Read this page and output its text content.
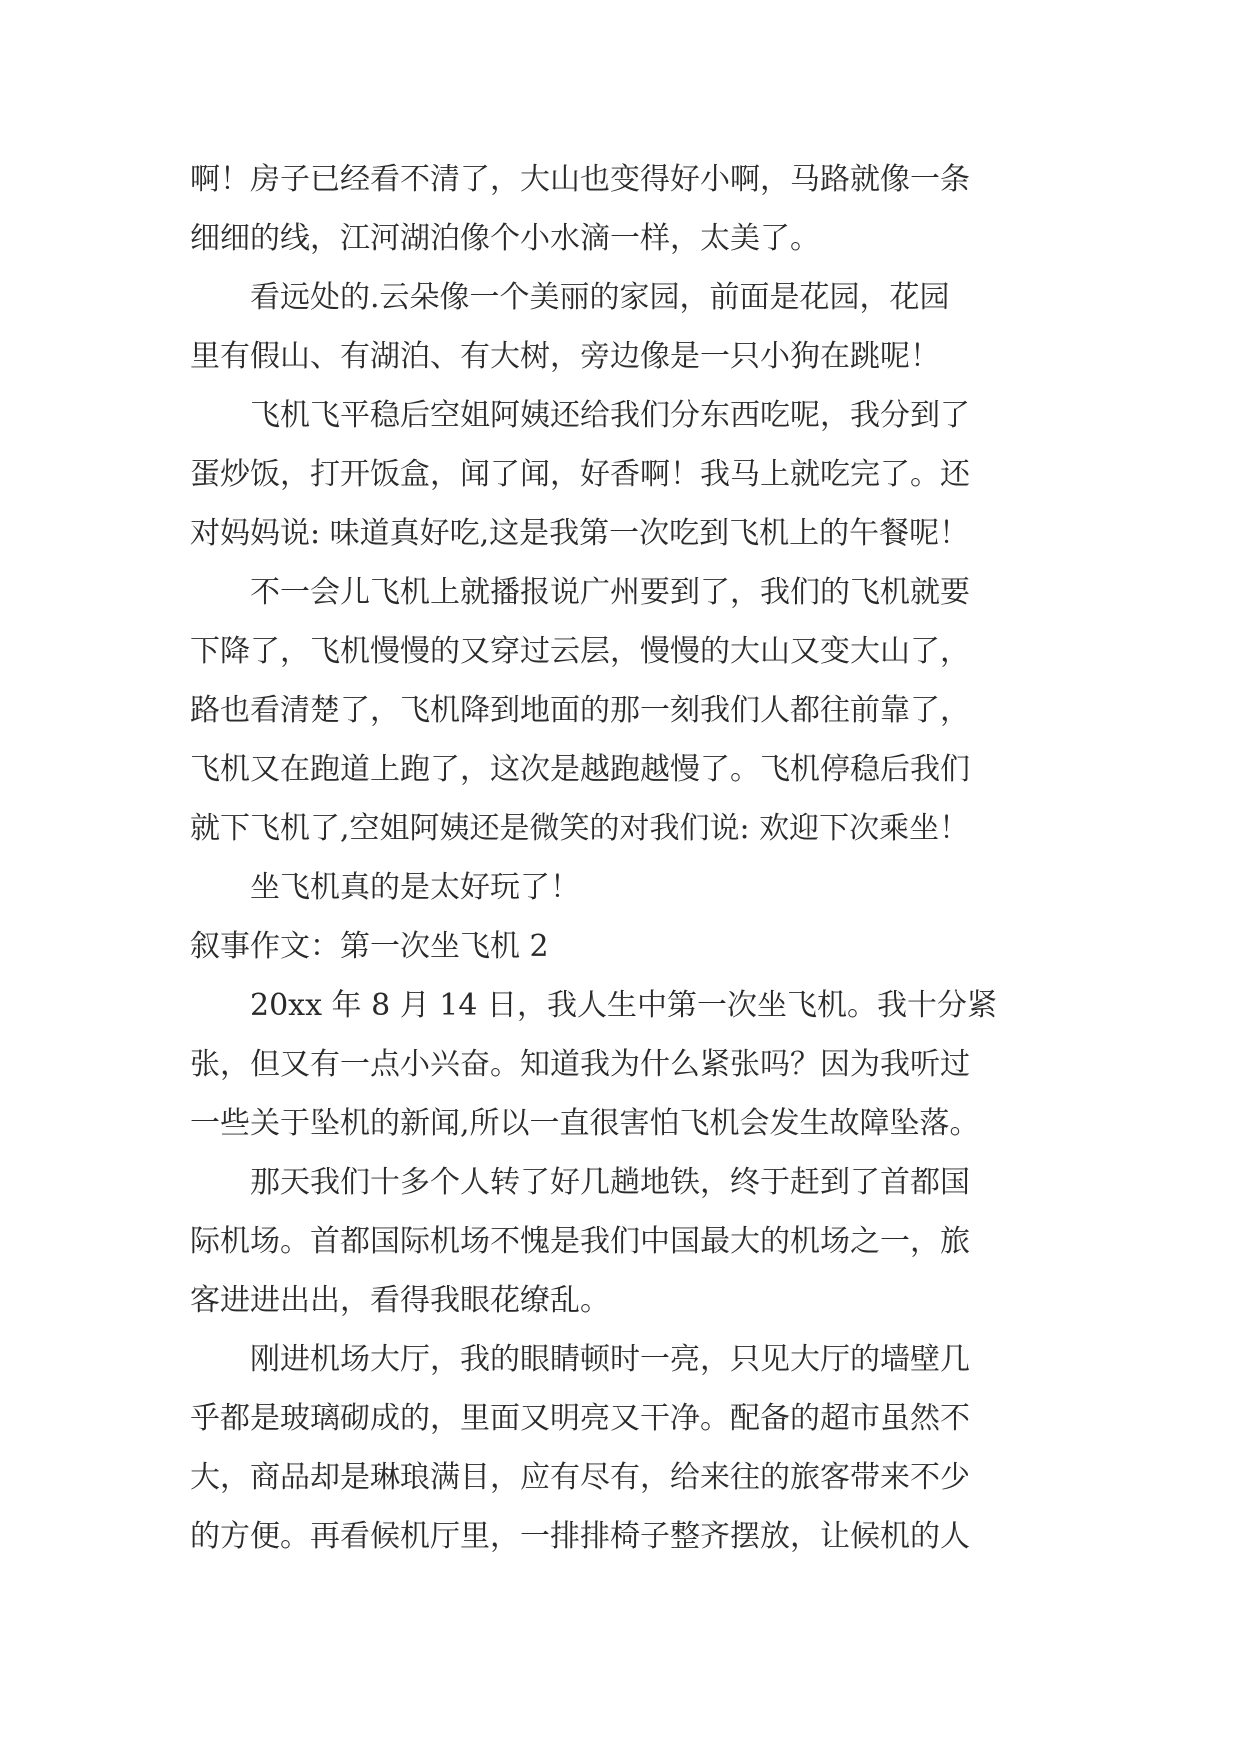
啊！房子已经看不清了，大山也变得好小啊，马路就像一条
细细的线，江河湖泊像个小水滴一样，太美了。
看远处的.云朵像一个美丽的家园，前面是花园，花园
里有假山、有湖泊、有大树，旁边像是一只小狗在跳呢！
飞机飞平稳后空姐阿姨还给我们分东西吃呢，我分到了
蛋炒饭，打开饭盒，闻了闻，好香啊！我马上就吃完了。还
对妈妈说: 味道真好吃,这是我第一次吃到飞机上的午餐呢！
不一会儿飞机上就播报说广州要到了，我们的飞机就要
下降了，飞机慢慢的又穿过云层，慢慢的大山又变大山了，
路也看清楚了，飞机降到地面的那一刻我们人都往前靠了，
飞机又在跑道上跑了，这次是越跑越慢了。飞机停稳后我们
就下飞机了,空姐阿姨还是微笑的对我们说: 欢迎下次乘坐！
坐飞机真的是太好玩了！
叙事作文：第一次坐飞机 2
20xx 年 8 月 14 日，我人生中第一次坐飞机。我十分紧
张，但又有一点小兴奋。知道我为什么紧张吗？因为我听过
一些关于坠机的新闻,所以一直很害怕飞机会发生故障坠落。
那天我们十多个人转了好几趟地铁，终于赶到了首都国
际机场。首都国际机场不愧是我们中国最大的机场之一，旅
客进进出出，看得我眼花缭乱。
刚进机场大厅，我的眼睛顿时一亮，只见大厅的墙壁几
乎都是玻璃砌成的，里面又明亮又干净。配备的超市虽然不
大，商品却是琳琅满目，应有尽有，给来往的旅客带来不少
的方便。再看候机厅里，一排排椅子整齐摆放，让候机的人
